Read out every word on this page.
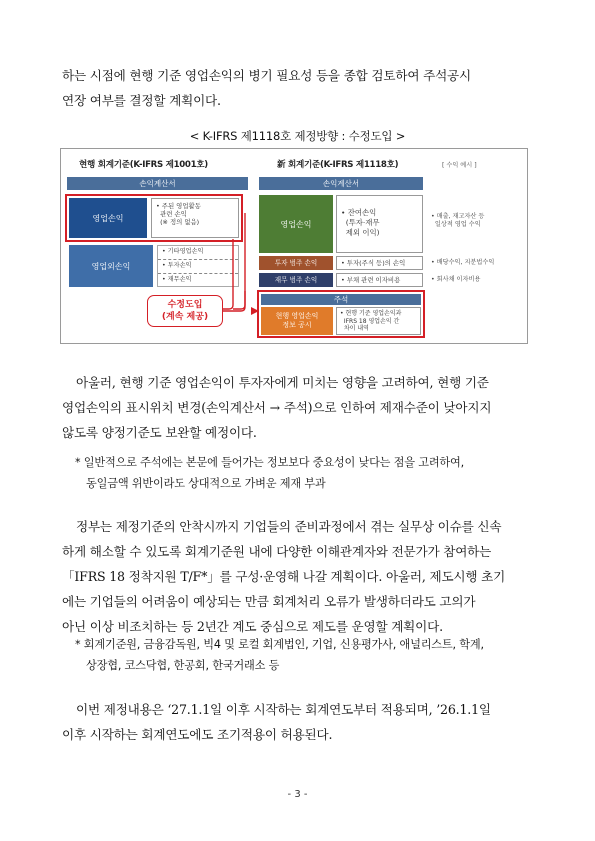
하는 시점에 현행 기준 영업손익의 병기 필요성 등을 종합 검토하여 주석공시
연장 여부를 결정할 계획이다.

< K-IFRS 제1118호 제정방향 : 수정도입 >
현행 회계기준(K-IFRS 제1001호)
손익계산서
영업손익
• 주된 영업활동
관련 손익
(※ 정의 없음)
영업외손익
• 기타영업손익
• 투자손익
• 재무손익
수정도입
(계속 제공)
新 회계기준(K-IFRS 제1118호)	[ 수익 예시 ]
손익계산서
영업손익
• 잔여손익
(투자·재무
제외 이익)
• 매출, 재고자산 등
일상적 영업 수익
투자 범주 손익	• 투자(주식 등)의 손익	• 배당수익, 지분법수익
재무 범주 손익	• 부채 관련 이자비용	• 회사채 이자비용
주석
현행 영업손익
정보 공시
• 현행 기준 영업손익과
IFRS 18 영업손익 간
차이 내역

아울러, 현행 기준 영업손익이 투자자에게 미치는 영향을 고려하여, 현행 기준
영업손익의 표시위치 변경(손익계산서 → 주석)으로 인하여 제재수준이 낮아지지
않도록 양정기준도 보완할 예정이다.

* 일반적으로 주석에는 본문에 들어가는 정보보다 중요성이 낮다는 점을 고려하여,
동일금액 위반이라도 상대적으로 가벼운 제재 부과

정부는 제정기준의 안착시까지 기업들의 준비과정에서 겪는 실무상 이슈를 신속
하게 해소할 수 있도록 회계기준원 내에 다양한 이해관계자와 전문가가 참여하는
「IFRS 18 정착지원 T/F*」를 구성·운영해 나갈 계획이다. 아울러, 제도시행 초기
에는 기업들의 어려움이 예상되는 만큼 회계처리 오류가 발생하더라도 고의가
아닌 이상 비조치하는 등 2년간 계도 중심으로 제도를 운영할 계획이다.

* 회계기준원, 금융감독원, 빅4 및 로컬 회계법인, 기업, 신용평가사, 애널리스트, 학계,
상장협, 코스닥협, 한공회, 한국거래소 등

이번 제정내용은 ‘27.1.1일 이후 시작하는 회계연도부터 적용되며, ’26.1.1일
이후 시작하는 회계연도에도 조기적용이 허용된다.

- 3 -
